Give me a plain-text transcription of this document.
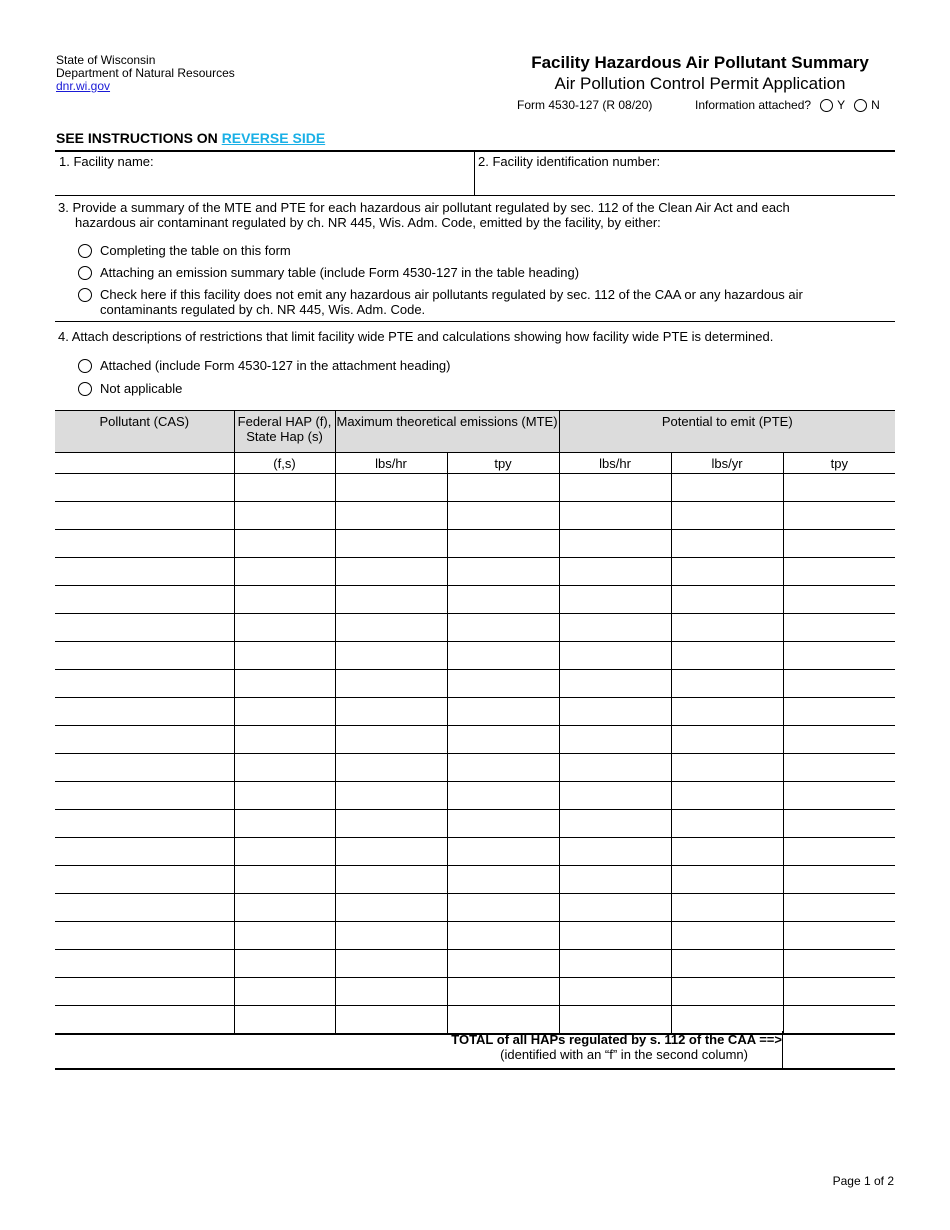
State of Wisconsin
Department of Natural Resources
dnr.wi.gov
Facility Hazardous Air Pollutant Summary
Air Pollution Control Permit Application
Form 4530-127 (R 08/20)	Information attached? Y N
SEE INSTRUCTIONS ON REVERSE SIDE
1. Facility name:	2. Facility identification number:
3. Provide a summary of the MTE and PTE for each hazardous air pollutant regulated by sec. 112 of the Clean Air Act and each
hazardous air contaminant regulated by ch. NR 445, Wis. Adm. Code, emitted by the facility, by either:
Completing the table on this form
Attaching an emission summary table (include Form 4530-127 in the table heading)
Check here if this facility does not emit any hazardous air pollutants regulated by sec. 112 of the CAA or any hazardous air contaminants regulated by ch. NR 445, Wis. Adm. Code.
4. Attach descriptions of restrictions that limit facility wide PTE and calculations showing how facility wide PTE is determined.
Attached (include Form 4530-127 in the attachment heading)
Not applicable
Pollutant (CAS)	Federal HAP (f), State Hap (s)	Maximum theoretical emissions (MTE)		Potential to emit (PTE)		
	(f,s)	lbs/hr	tpy	lbs/hr	lbs/yr	tpy

TOTAL of all HAPs regulated by s. 112 of the CAA ==>
(identified with an “f” in the second column)
Page 1 of 2
